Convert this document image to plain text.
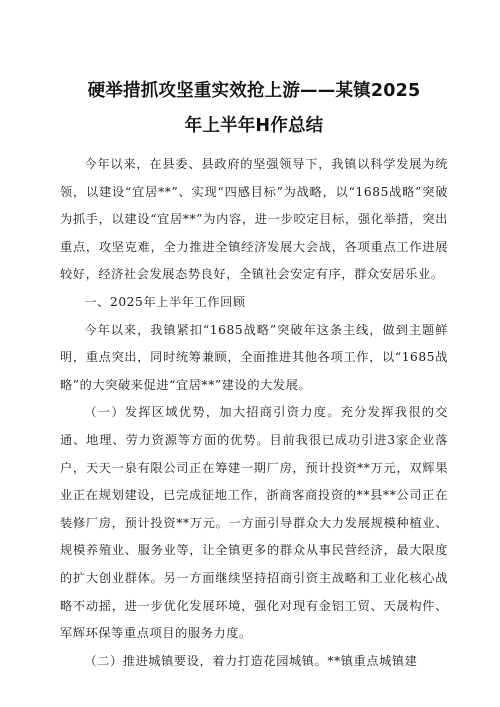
硬举措抓攻坚重实效抢上游——某镇2025
年上半年H作总结

今年以来，在县委、县政府的坚强领导下，我镇以科学发展为统领，以建设“宜居**”、实现“四感目标”为战略，以“1685战略”突破为抓手，以建设“宜居**”为内容，进一步咬定目标，强化举措，突出重点，攻坚克难，全力推进全镇经济发展大会战，各项重点工作进展较好，经济社会发展态势良好，全镇社会安定有序，群众安居乐业。

一、2025年上半年工作回顾

今年以来，我镇紧扣“1685战略”突破年这条主线，做到主题鲜明，重点突出，同时统筹兼顾，全面推进其他各项工作，以“1685战略”的大突破来促进“宜居**”建设的大发展。

（一）发挥区域优势，加大招商引资力度。充分发挥我很的交通、地理、劳力资源等方面的优势。目前我很已成功引进3家企业落户，天天一泉有限公司正在筹建一期厂房，预计投资**万元，双辉果业正在规划建设，已完成征地工作，浙商客商投资的**县**公司正在装修厂房，预计投资**万元。一方面引导群众大力发展规模种植业、规模养殖业、服务业等，让全镇更多的群众从事民营经济，最大限度的扩大创业群体。另一方面继续坚持招商引资主战略和工业化核心战略不动摇，进一步优化发展环境，强化对现有金铝工贸、天晟构件、军辉环保等重点项目的服务力度。

（二）推进城镇要设，着力打造花园城镇。**镇重点城镇建
